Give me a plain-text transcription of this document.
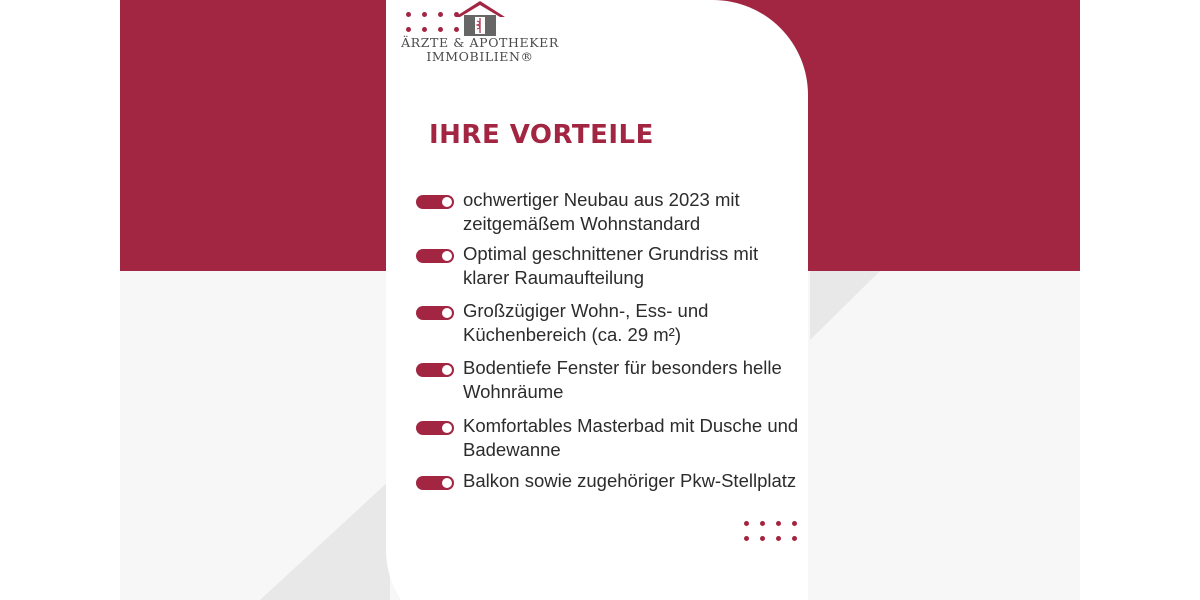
ÄRZTE & APOTHEKER
IMMOBILIEN®
IHRE VORTEILE

ochwertiger Neubau aus 2023 mit zeitgemäßem Wohnstandard

Optimal geschnittener Grundriss mit klarer Raumaufteilung

Großzügiger Wohn-, Ess- und Küchenbereich (ca. 29 m²)

Bodentiefe Fenster für besonders helle Wohnräume

Komfortables Masterbad mit Dusche und Badewanne

Balkon sowie zugehöriger Pkw-Stellplatz
